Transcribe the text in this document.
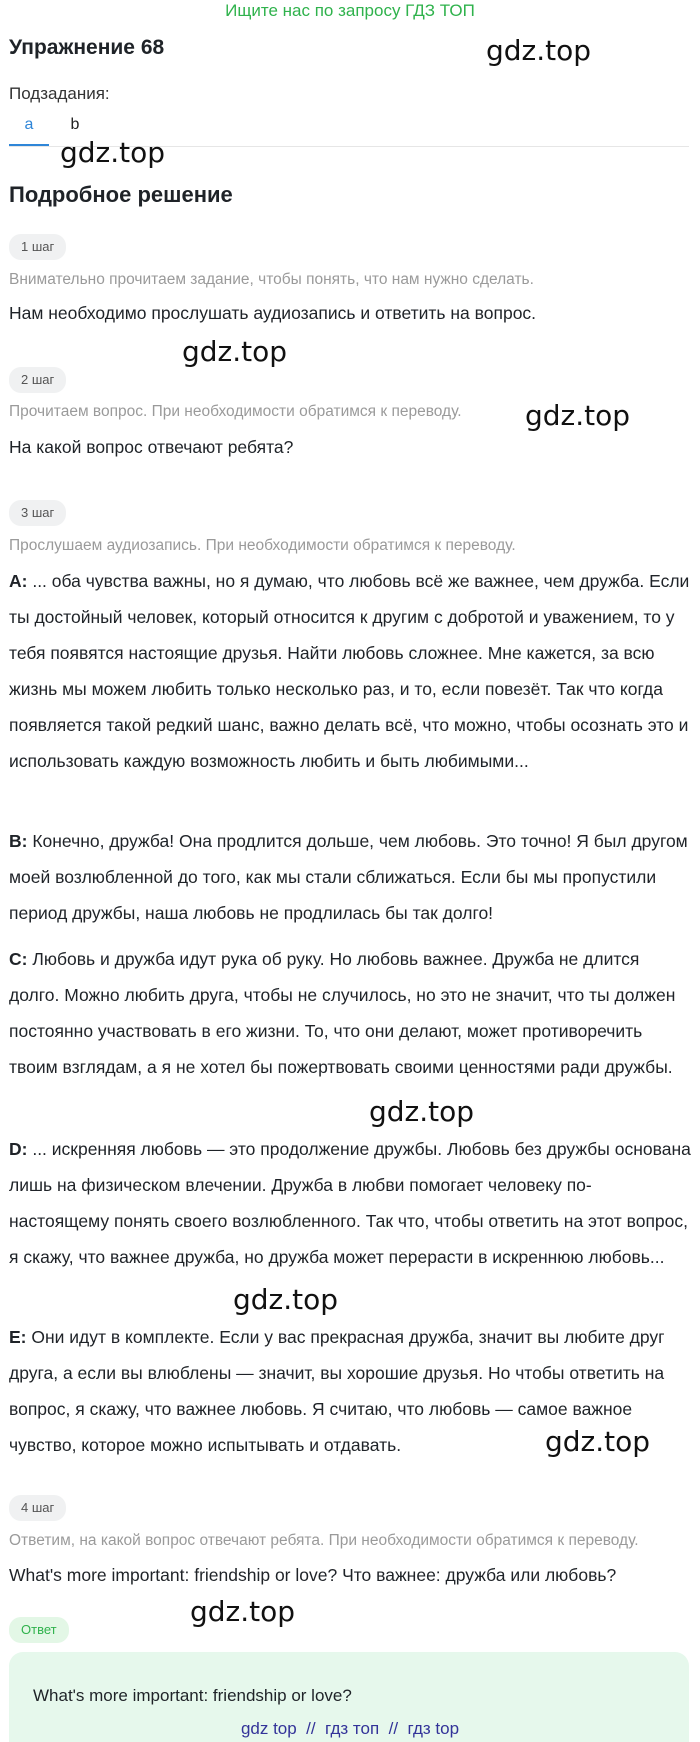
Ищите нас по запросу ГДЗ ТОП
Упражнение 68	gdz.top
Подзадания:
a	b
gdz.top
Подробное решение
1 шаг
Внимательно прочитаем задание, чтобы понять, что нам нужно сделать.
Нам необходимо прослушать аудиозапись и ответить на вопрос.
gdz.top
2 шаг
Прочитаем вопрос. При необходимости обратимся к переводу.	gdz.top
На какой вопрос отвечают ребята?
3 шаг
Прослушаем аудиозапись. При необходимости обратимся к переводу.
A: ... оба чувства важны, но я думаю, что любовь всё же важнее, чем дружба. Если ты достойный человек, который относится к другим с добротой и уважением, то у тебя появятся настоящие друзья. Найти любовь сложнее. Мне кажется, за всю жизнь мы можем любить только несколько раз, и то, если повезёт. Так что когда появляется такой редкий шанс, важно делать всё, что можно, чтобы осознать это и использовать каждую возможность любить и быть любимыми...
B: Конечно, дружба! Она продлится дольше, чем любовь. Это точно! Я был другом моей возлюбленной до того, как мы стали сближаться. Если бы мы пропустили период дружбы, наша любовь не продлилась бы так долго!
C: Любовь и дружба идут рука об руку. Но любовь важнее. Дружба не длится долго. Можно любить друга, чтобы не случилось, но это не значит, что ты должен постоянно участвовать в его жизни. То, что они делают, может противоречить твоим взглядам, а я не хотел бы пожертвовать своими ценностями ради дружбы.
gdz.top
D: ... искренняя любовь — это продолжение дружбы. Любовь без дружбы основана лишь на физическом влечении. Дружба в любви помогает человеку по-настоящему понять своего возлюбленного. Так что, чтобы ответить на этот вопрос, я скажу, что важнее дружба, но дружба может перерасти в искреннюю любовь...
gdz.top
E: Они идут в комплекте. Если у вас прекрасная дружба, значит вы любите друг друга, а если вы влюблены — значит, вы хорошие друзья. Но чтобы ответить на вопрос, я скажу, что важнее любовь. Я считаю, что любовь — самое важное чувство, которое можно испытывать и отдавать.	gdz.top
4 шаг
Ответим, на какой вопрос отвечают ребята. При необходимости обратимся к переводу.
What's more important: friendship or love? Что важнее: дружба или любовь?
gdz.top
Ответ
What's more important: friendship or love?
gdz top  //  гдз топ  //  гдз top
